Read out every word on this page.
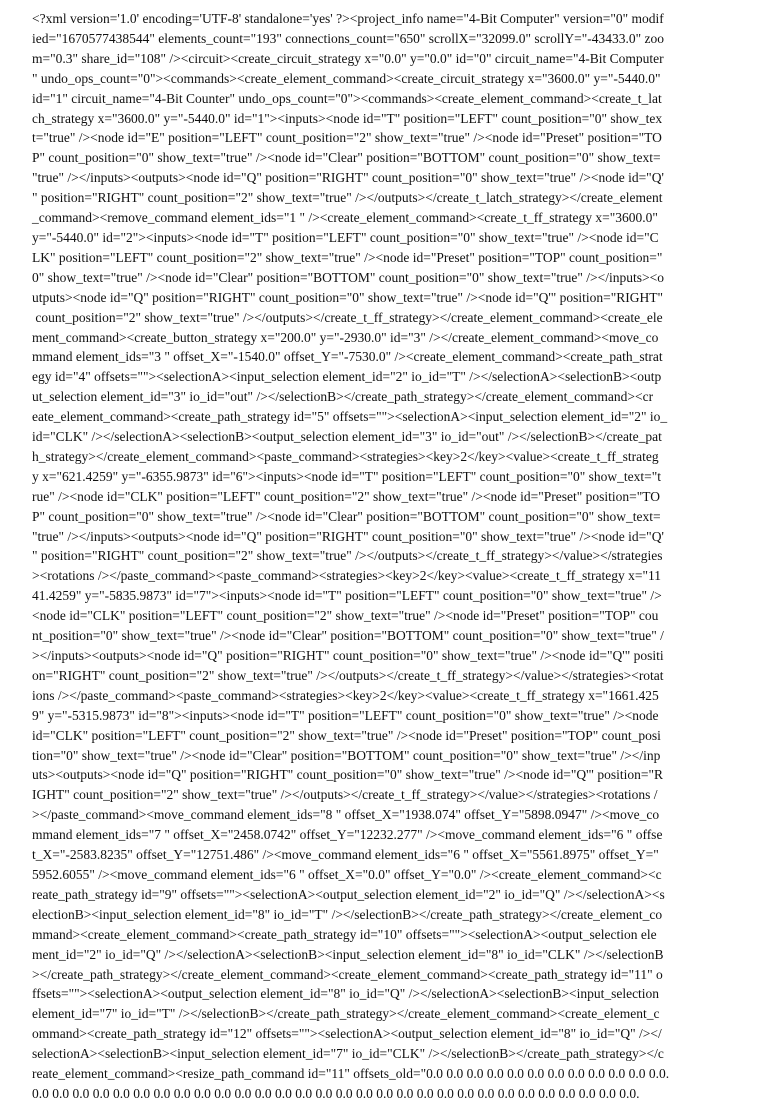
<?xml version='1.0' encoding='UTF-8' standalone='yes' ?><project_info name="4-Bit Computer" version="0" modif
ied="1670577438544" elements_count="193" connections_count="650" scrollX="32099.0" scrollY="-43433.0" zoo
m="0.3" share_id="108" /><circuit><create_circuit_strategy x="0.0" y="0.0" id="0" circuit_name="4-Bit Computer
" undo_ops_count="0"><commands><create_element_command><create_circuit_strategy x="3600.0" y="-5440.0"
id="1" circuit_name="4-Bit Counter" undo_ops_count="0"><commands><create_element_command><create_t_lat
ch_strategy x="3600.0" y="-5440.0" id="1"><inputs><node id="T" position="LEFT" count_position="0" show_tex
t="true" /><node id="E" position="LEFT" count_position="2" show_text="true" /><node id="Preset" position="TO
P" count_position="0" show_text="true" /><node id="Clear" position="BOTTOM" count_position="0" show_text=
"true" /></inputs><outputs><node id="Q" position="RIGHT" count_position="0" show_text="true" /><node id="Q'
" position="RIGHT" count_position="2" show_text="true" /></outputs></create_t_latch_strategy></create_element
_command><remove_command element_ids="1 " /><create_element_command><create_t_ff_strategy x="3600.0"
y="-5440.0" id="2"><inputs><node id="T" position="LEFT" count_position="0" show_text="true" /><node id="C
LK" position="LEFT" count_position="2" show_text="true" /><node id="Preset" position="TOP" count_position="
0" show_text="true" /><node id="Clear" position="BOTTOM" count_position="0" show_text="true" /></inputs><o
utputs><node id="Q" position="RIGHT" count_position="0" show_text="true" /><node id="Q'" position="RIGHT"
count_position="2" show_text="true" /></outputs></create_t_ff_strategy></create_element_command><create_ele
ment_command><create_button_strategy x="200.0" y="-2930.0" id="3" /></create_element_command><move_co
mmand element_ids="3 " offset_X="-1540.0" offset_Y="-7530.0" /><create_element_command><create_path_strat
egy id="4" offsets=""><selectionA><input_selection element_id="2" io_id="T" /></selectionA><selectionB><outp
ut_selection element_id="3" io_id="out" /></selectionB></create_path_strategy></create_element_command><cr
eate_element_command><create_path_strategy id="5" offsets=""><selectionA><input_selection element_id="2" io_
id="CLK" /></selectionA><selectionB><output_selection element_id="3" io_id="out" /></selectionB></create_pat
h_strategy></create_element_command><paste_command><strategies><key>2</key><value><create_t_ff_strateg
y x="621.4259" y="-6355.9873" id="6"><inputs><node id="T" position="LEFT" count_position="0" show_text="t
rue" /><node id="CLK" position="LEFT" count_position="2" show_text="true" /><node id="Preset" position="TO
P" count_position="0" show_text="true" /><node id="Clear" position="BOTTOM" count_position="0" show_text=
"true" /></inputs><outputs><node id="Q" position="RIGHT" count_position="0" show_text="true" /><node id="Q'
" position="RIGHT" count_position="2" show_text="true" /></outputs></create_t_ff_strategy></value></strategies
><rotations /></paste_command><paste_command><strategies><key>2</key><value><create_t_ff_strategy x="11
41.4259" y="-5835.9873" id="7"><inputs><node id="T" position="LEFT" count_position="0" show_text="true" />
<node id="CLK" position="LEFT" count_position="2" show_text="true" /><node id="Preset" position="TOP" cou
nt_position="0" show_text="true" /><node id="Clear" position="BOTTOM" count_position="0" show_text="true" /
></inputs><outputs><node id="Q" position="RIGHT" count_position="0" show_text="true" /><node id="Q'" positi
on="RIGHT" count_position="2" show_text="true" /></outputs></create_t_ff_strategy></value></strategies><rotat
ions /></paste_command><paste_command><strategies><key>2</key><value><create_t_ff_strategy x="1661.425
9" y="-5315.9873" id="8"><inputs><node id="T" position="LEFT" count_position="0" show_text="true" /><node
id="CLK" position="LEFT" count_position="2" show_text="true" /><node id="Preset" position="TOP" count_posi
tion="0" show_text="true" /><node id="Clear" position="BOTTOM" count_position="0" show_text="true" /></inp
uts><outputs><node id="Q" position="RIGHT" count_position="0" show_text="true" /><node id="Q'" position="R
IGHT" count_position="2" show_text="true" /></outputs></create_t_ff_strategy></value></strategies><rotations /
></paste_command><move_command element_ids="8 " offset_X="1938.074" offset_Y="5898.0947" /><move_co
mmand element_ids="7 " offset_X="2458.0742" offset_Y="12232.277" /><move_command element_ids="6 " offse
t_X="-2583.8235" offset_Y="12751.486" /><move_command element_ids="6 " offset_X="5561.8975" offset_Y="
5952.6055" /><move_command element_ids="6 " offset_X="0.0" offset_Y="0.0" /><create_element_command><c
reate_path_strategy id="9" offsets=""><selectionA><output_selection element_id="2" io_id="Q" /></selectionA><s
electionB><input_selection element_id="8" io_id="T" /></selectionB></create_path_strategy></create_element_co
mmand><create_element_command><create_path_strategy id="10" offsets=""><selectionA><output_selection ele
ment_id="2" io_id="Q" /></selectionA><selectionB><input_selection element_id="8" io_id="CLK" /></selectionB
></create_path_strategy></create_element_command><create_element_command><create_path_strategy id="11" o
ffsets=""><selectionA><output_selection element_id="8" io_id="Q" /></selectionA><selectionB><input_selection
element_id="7" io_id="T" /></selectionB></create_path_strategy></create_element_command><create_element_c
ommand><create_path_strategy id="12" offsets=""><selectionA><output_selection element_id="8" io_id="Q" /></
selectionA><selectionB><input_selection element_id="7" io_id="CLK" /></selectionB></create_path_strategy></c
reate_element_command><resize_path_command id="11" offsets_old="0.0 0.0 0.0 0.0 0.0 0.0 0.0 0.0 0.0 0.0 0.0 0.0.
0.0 0.0 0.0 0.0 0.0 0.0 0.0 0.0 0.0 0.0 0.0 0.0 0.0 0.0 0.0 0.0 0.0 0.0 0.0 0.0 0.0 0.0 0.0 0.0 0.0 0.0 0.0 0.0 0.0 0.0.
